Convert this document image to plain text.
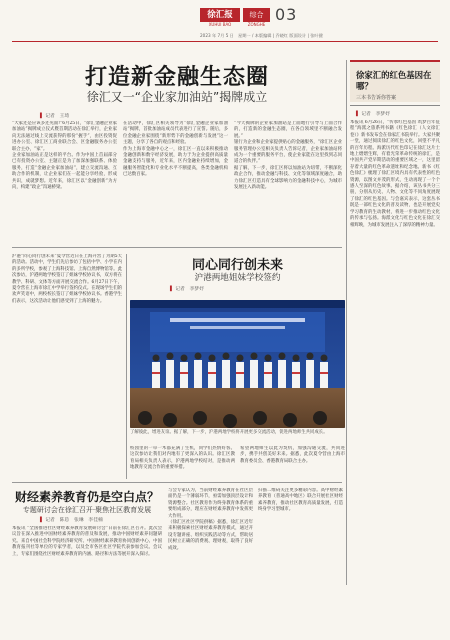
徐汇报
XUHUI BAO
综合
ZONGHE
03
2023 年 7月 5 日　星期一 / 本版编辑 | 乔晓红 版面设计 | 张叶健
打造新金融生态圈
徐汇又一“企业家加油站”揭牌成立
▌ 记者　王琦

“大家还是应该多还见面!”6月25日，“徐汇金融企业家加油站”揭牌成立仪式暨首期活动在徐汇举行，企业家向无法通过线上交流获得的那份“握手”，由区投资促进办公室、徐汇区工商业联合会、区金融服务办公室联合主办，“家”。

企业家加油站正是这样的平台。作为中国上首届部分已有投资办公室、主题正是为了加深加强联系、体验服务，打造“金融企业家加油站”，建立交流沟通、互助合作的机制，让企业家们在一起能分享经验，形成共识，成就梦想。近年来，徐汇区以“金融创新”为方向，构建“政企”沟通桥梁。

在活动中，徐汇区相关领导为“徐汇金融企业家加油站”揭牌，首批加油站成员代表进行了宣誓。随后，多位金融企业家围绕“新形势下的金融创新与发展”这一主题，分享了各自的观点和经验。

作为上海市金融中心之一，徐汇区一直以来积极推动金融创新和数字经济发展，助力于为企业提供高质量金融支持与服务，近年来，区内金融业持续增加，金融服务智能化和专业化水平不断提高，各类金融机构已达数百家。

“今天揭牌的企业家加油站是上面地行引导与上面合作的，打造新的金融生态圈，在各自领域里不断融合发展。”

银行为企业和企业家提供贴心的金融服务，“徐汇区企业服务管理办公室相关负责人告诉记者，企业家加油站将成为一个重要的服务平台，使企业家能在这里找到志同道合的伙伴。”

据了解，下一步，徐汇区将以加油站为纽带，不断深化政企合作，推动金融与科技、文化等领域深度融合，助力徐汇区打造具有全球影响力的金融科技中心，为城市发展注入新动能。

徐家汇的红色基因在哪？
三本书告诉你答案
▌ 记者　李梦妤
本报讯 6月26日，“传承红色基因 筑梦百年征程”海派之旅系列书籍《红色徐汇（人文徐汇卷）》新书发布会在徐家汇书院举行。大家共聚一堂，通过阅读徐汇的红色文化，回望不平凡的百年历程。海派历代红色印记在徐汇这片土地上熠熠生辉，有着光荣革命传统的徐汇，是中国共产党早期活动的重要区域之一，这里留存着大量的红色革命遗址和纪念地。新书《红色徐汇》梳理了徐汇区境内具有代表性的红色资源，以图文并茂的形式，生动再现了一个个感人至深的红色故事。据介绍，该丛书共分三册，分别从历史、人物、文化等不同角度展现了徐汇的红色基因。与会嘉宾表示，这套丛书既是一部红色文化的普及读物，也是开展党史学习教育的生动教材，将进一步推动红色文化的传承与弘扬。海派文化与红色文化在徐汇交相辉映，为城市发展注入了深厚的精神力量。
沪港“同心同行创未来”夏令营近日在上海开营了为期5天的活动。活动中，学生们先后参访了包括中学、小学在内的多所学校，参观了上海科技馆、上海自然博物馆等。此次参访，沪港两地学校签订了姐妹学校协议书，双方将在教学、科研、文体等方面开展交流合作。6月27日下午，夏令营在上海市徐汇中学举行签约仪式。在现场学生们的欢声笑语中，两校校长签订了姐妹学校协议书。香港学生们表示，这次活动让他们感受到了上海的魅力。
同心同行创未来
沪港两地姐妹学校签约
▌ 记者　李梦妤
了解彼此，增进友谊。据了解，下一步，沪港两地学校将开展更多交流活动，促进两地师生共同成长。
校园里的一草一木都充满了生机，同学们热情好客。这次参访让我们对内地有了更深入的认识。徐汇区教育局相关负责人表示，沪港两地学校结对，是推动两地教育交流合作的重要举措。
希望两地师生以此为契机，加强沟通交流，共同进步，携手共创美好未来。据悉，此次夏令营由上海市教育委员会、香港教育局联合主办。
财经素养教育仍是空白点？
专题研讨会在徐汇召开·聚焦社区教育发展
▌ 记者　陈恳　张琳　李佳楠
本报讯 “全国推进社区财经素养教育发展研讨会”日前在徐汇区召开。此次会议旨在深入推进中国财经素养教育的普及和发展，推动中国财经素养问题研究。来自中国社会科学院经济研究所、中国财经素养教育协同创新中心、中国教育报刊社等单位的专家学者，以及全市各区社区学院代表参加会议。会议上，专家们围绕社区财经素养教育的内涵、路径和方法等展开深入探讨。

与会专家认为，当前财经素养教育在社区层面仍是一个薄弱环节，亟需加强顶层设计和资源整合。社区教育作为终身教育体系的重要组成部分，理应在财经素养教育中发挥更大作用。

（徐汇区社区学院供稿）据悉，徐汇区近年来积极探索社区财经素养教育模式，通过开设专题讲座、组织实践活动等方式，帮助居民树立正确的消费观、理财观，取得了良好成效。

扫描二维码关注更多精彩内容。高中财经素养教育（普通高中地区）联合开展社区财经素养教育，推动社区教育高质量发展，打造终身学习型城市。
